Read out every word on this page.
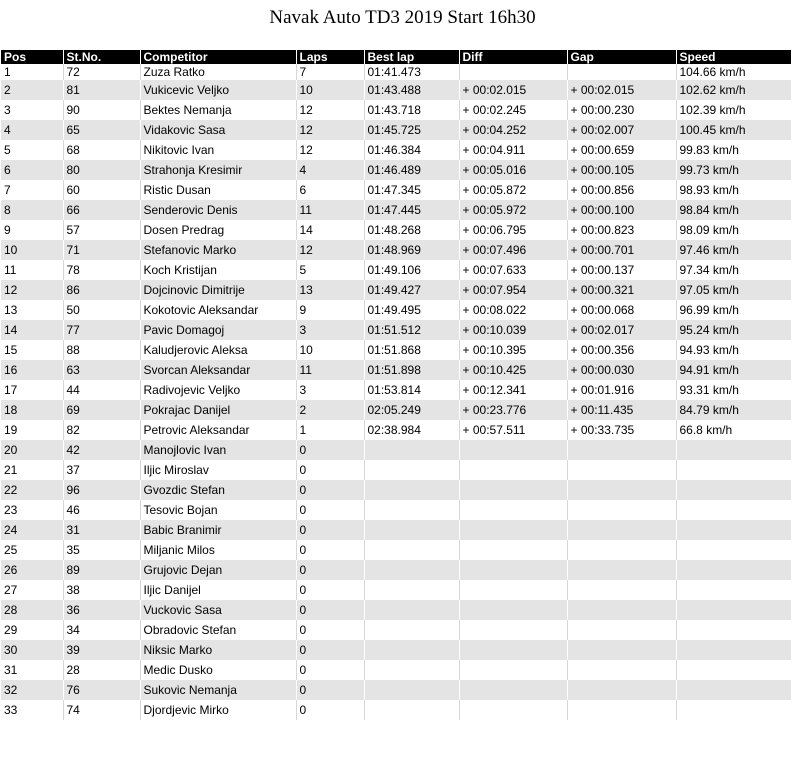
Navak Auto TD3 2019 Start 16h30
Pos	St.No.	Competitor	Laps	Best lap	Diff	Gap	Speed
1	72	Zuza Ratko	7	01:41.473			104.66 km/h
2	81	Vukicevic Veljko	10	01:43.488	+ 00:02.015	+ 00:02.015	102.62 km/h
3	90	Bektes Nemanja	12	01:43.718	+ 00:02.245	+ 00:00.230	102.39 km/h
4	65	Vidakovic Sasa	12	01:45.725	+ 00:04.252	+ 00:02.007	100.45 km/h
5	68	Nikitovic Ivan	12	01:46.384	+ 00:04.911	+ 00:00.659	99.83 km/h
6	80	Strahonja Kresimir	4	01:46.489	+ 00:05.016	+ 00:00.105	99.73 km/h
7	60	Ristic Dusan	6	01:47.345	+ 00:05.872	+ 00:00.856	98.93 km/h
8	66	Senderovic Denis	11	01:47.445	+ 00:05.972	+ 00:00.100	98.84 km/h
9	57	Dosen Predrag	14	01:48.268	+ 00:06.795	+ 00:00.823	98.09 km/h
10	71	Stefanovic Marko	12	01:48.969	+ 00:07.496	+ 00:00.701	97.46 km/h
11	78	Koch Kristijan	5	01:49.106	+ 00:07.633	+ 00:00.137	97.34 km/h
12	86	Dojcinovic Dimitrije	13	01:49.427	+ 00:07.954	+ 00:00.321	97.05 km/h
13	50	Kokotovic Aleksandar	9	01:49.495	+ 00:08.022	+ 00:00.068	96.99 km/h
14	77	Pavic Domagoj	3	01:51.512	+ 00:10.039	+ 00:02.017	95.24 km/h
15	88	Kaludjerovic Aleksa	10	01:51.868	+ 00:10.395	+ 00:00.356	94.93 km/h
16	63	Svorcan Aleksandar	11	01:51.898	+ 00:10.425	+ 00:00.030	94.91 km/h
17	44	Radivojevic Veljko	3	01:53.814	+ 00:12.341	+ 00:01.916	93.31 km/h
18	69	Pokrajac Danijel	2	02:05.249	+ 00:23.776	+ 00:11.435	84.79 km/h
19	82	Petrovic Aleksandar	1	02:38.984	+ 00:57.511	+ 00:33.735	66.8 km/h
20	42	Manojlovic Ivan	0				
21	37	Iljic Miroslav	0				
22	96	Gvozdic Stefan	0				
23	46	Tesovic Bojan	0				
24	31	Babic Branimir	0				
25	35	Miljanic Milos	0				
26	89	Grujovic Dejan	0				
27	38	Iljic Danijel	0				
28	36	Vuckovic Sasa	0				
29	34	Obradovic Stefan	0				
30	39	Niksic Marko	0				
31	28	Medic Dusko	0				
32	76	Sukovic Nemanja	0				
33	74	Djordjevic Mirko	0				
